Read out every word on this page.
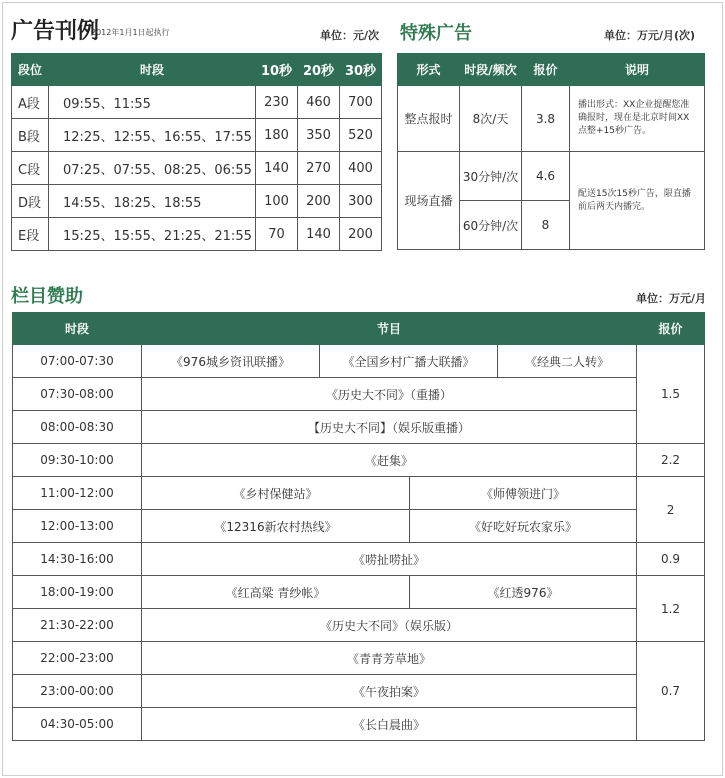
广告刊例
2012年1月1日起执行	单位：元/次
段位	时段	10秒	20秒	30秒
A段	09:55、11:55	230	460	700
B段	12:25、12:55、16:55、17:55	180	350	520
C段	07:25、07:55、08:25、06:55	140	270	400
D段	14:55、18:25、18:55	100	200	300
E段	15:25、15:55、21:25、21:55	70	140	200
特殊广告	单位：万元/月(次)
形式	时段/频次	报价	说明
整点报时	8次/天	3.8	播出形式：XX企业提醒您准确报时，现在是北京时间XX点整+15秒广告。
现场直播	30分钟/次	4.6	配送15次15秒广告，限直播前后两天内播完。
	60分钟/次	8	
栏目赞助	单位：万元/月
时段	节目				报价
07:00-07:30	《976城乡资讯联播》	《全国乡村广播大联播》		《经典二人转》	1.5
07:30-08:00	《历史大不同》（重播）				
08:00-08:30	【历史大不同】（娱乐版重播）				
09:30-10:00	《赶集》				2.2
11:00-12:00	《乡村保健站》		《师傅领进门》		2
12:00-13:00	《12316新农村热线》		《好吃好玩农家乐》		
14:30-16:00	《唠扯唠扯》				0.9
18:00-19:00	《红高粱 青纱帐》		《红透976》		1.2
21:30-22:00	《历史大不同》（娱乐版）				
22:00-23:00	《青青芳草地》				0.7
23:00-00:00	《午夜拍案》				
04:30-05:00	《长白晨曲》				
